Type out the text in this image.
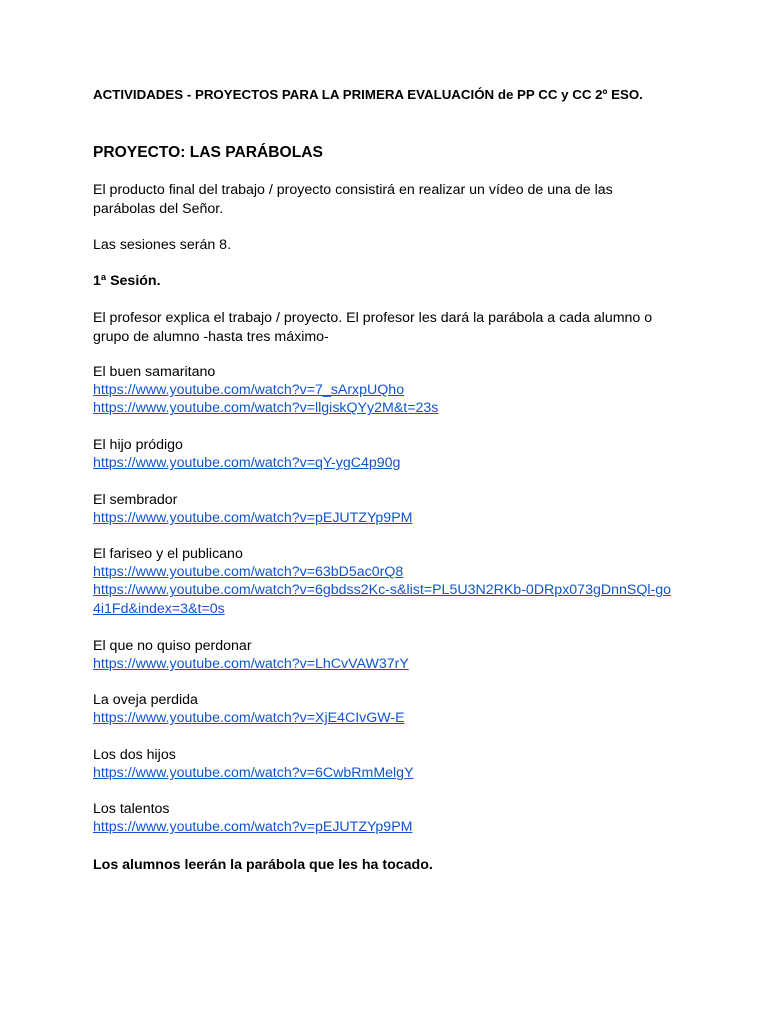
ACTIVIDADES - PROYECTOS PARA LA PRIMERA EVALUACIÓN de PP CC y CC 2º ESO.

PROYECTO: LAS PARÁBOLAS

El producto final del trabajo / proyecto consistirá en realizar un vídeo de una de las parábolas del Señor.

Las sesiones serán 8.

1ª Sesión.

El profesor explica el trabajo / proyecto. El profesor les dará la parábola a cada alumno o grupo de alumno -hasta tres máximo-

El buen samaritano
https://www.youtube.com/watch?v=7_sArxpUQho
https://www.youtube.com/watch?v=llgiskQYy2M&t=23s
El hijo pródigo
https://www.youtube.com/watch?v=qY-ygC4p90g
El sembrador
https://www.youtube.com/watch?v=pEJUTZYp9PM
El fariseo y el publicano
https://www.youtube.com/watch?v=63bD5ac0rQ8
https://www.youtube.com/watch?v=6gbdss2Kc-s&list=PL5U3N2RKb-0DRpx073gDnnSQl-go4i1Fd&index=3&t=0s
El que no quiso perdonar
https://www.youtube.com/watch?v=LhCvVAW37rY
La oveja perdida
https://www.youtube.com/watch?v=XjE4CIvGW-E
Los dos hijos
https://www.youtube.com/watch?v=6CwbRmMelgY
Los talentos
https://www.youtube.com/watch?v=pEJUTZYp9PM

Los alumnos leerán la parábola que les ha tocado.
